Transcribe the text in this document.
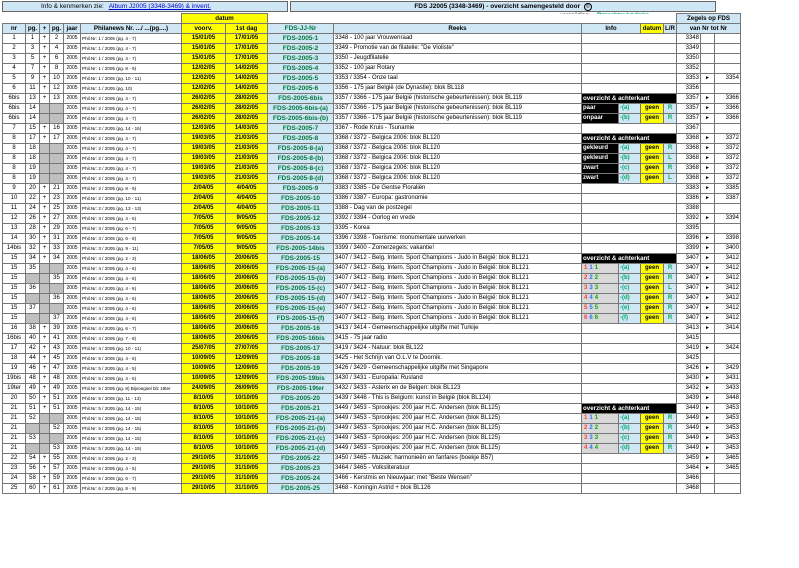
Info & kenmerken zie: Album J2005 (3348-3469) & invent.	FDS J2005 (3348-3469) - overzicht samengesteld door ©
						datum								Zegels op FDS		
nr	pg.	+	pg.	jaar	Philanews Nr. .../ ...(pg....)	voorv.	1st dag	FDS-JJ-Nr	Reeks	Info		datum	L/R	van Nr tot Nr		
1	1	+	2	2005	Phil.Nr: 1 / 2005 (pg. 4 - 7)	15/01/05	17/01/05	FDS-2005-1	3348 - 100 jaar Vrouwenraad					3348		
2	3	+	4	2005	Phil.Nr: 1 / 2005 (pg. 4 - 7)	15/01/05	17/01/05	FDS-2005-2	3349 - Promotie van de filatelie: "De Violiste"					3349		
3	5	+	6	2005	Phil.Nr: 1 / 2005 (pg. 4 - 7)	15/01/05	17/01/05	FDS-2005-3	3350 - Jeugdfilatelie					3350		
4	7	+	8	2005	Phil.Nr: 1 / 2005 (pg. 8 - 9)	12/02/05	14/02/05	FDS-2005-4	3352 - 100 jaar Rotary					3352		
5	9	+	10	2005	Phil.Nr: 1 / 2005 (pg. 10 - 11)	12/02/05	14/02/05	FDS-2005-5	3353 / 3354 - Onze taal					3353	►	3354
6	11	+	12	2005	Phil.Nr: 1 / 2005 (pg. 10)	12/02/05	14/02/05	FDS-2005-6	3356 - 175 jaar België (de Dynastie): blok BL118					3356		
6bis	13	+	13	2005	Phil.Nr: 2 / 2005 (pg. 4 - 7)	26/02/05	28/02/05	FDS-2005-6bis	3357 / 3366 - 175 jaar België (historische gebeurtenissen): blok BL119	overzicht & achterkant				3357	►	3366
6bis	14			2005	Phil.Nr: 2 / 2005 (pg. 4 - 7)	26/02/05	28/02/05	FDS-2005-6bis-(a)	3357 / 3366 - 175 jaar België (historische gebeurtenissen): blok BL119	paar	-(a)	geen	R	3357	►	3366
6bis	14			2005	Phil.Nr: 2 / 2005 (pg. 4 - 7)	26/02/05	28/02/05	FDS-2005-6bis-(b)	3357 / 3366 - 175 jaar België (historische gebeurtenissen): blok BL119	onpaar	-(b)	geen	R	3357	►	3366
7	15	+	16	2005	Phil.Nr: 2 / 2005 (pg. 14 - 16)	12/03/05	14/03/05	FDS-2005-7	3367 - Rode Kruis - Tsunamie					3367		
8	17	+	17	2005	Phil.Nr: 2 / 2005 (pg. 4 - 7)	19/03/05	21/03/05	FDS-2005-8	3368 / 3372 - Belgica 2006: blok BL120	overzicht & achterkant				3368	►	3372
8	18			2005	Phil.Nr: 2 / 2005 (pg. 4 - 7)	19/03/05	21/03/05	FDS-2005-8-(a)	3368 / 3372 - Belgica 2006: blok BL120	gekleurd	-(a)	geen	R	3368	►	3372
8	18			2005	Phil.Nr: 2 / 2005 (pg. 4 - 7)	19/03/05	21/03/05	FDS-2005-8-(b)	3368 / 3372 - Belgica 2006: blok BL120	gekleurd	-(b)	geen	L	3368	►	3372
8	19			2005	Phil.Nr: 2 / 2005 (pg. 4 - 7)	19/03/05	21/03/05	FDS-2005-8-(c)	3368 / 3372 - Belgica 2006: blok BL120	zwart	-(c)	geen	R	3368	►	3372
8	19			2005	Phil.Nr: 2 / 2005 (pg. 4 - 7)	19/03/05	21/03/05	FDS-2005-8-(d)	3368 / 3372 - Belgica 2006: blok BL120	zwart	-(d)	geen	L	3368	►	3372
9	20	+	21	2005	Phil.Nr: 2 / 2005 (pg. 8 - 9)	2/04/05	4/04/05	FDS-2005-9	3383 / 3385 - De Gentse Floraliën					3383	►	3385
10	22	+	23	2005	Phil.Nr: 2 / 2005 (pg. 10 - 11)	2/04/05	4/04/05	FDS-2005-10	3386 / 3387 - Europa: gastronomie					3386	►	3387
11	24	+	25	2005	Phil.Nr: 2 / 2005 (pg. 13 - 13)	2/04/05	4/04/05	FDS-2005-11	3388 - Dag van de postzegel					3388		
12	26	+	27	2005	Phil.Nr: 3 / 2005 (pg. 4 - 5)	7/05/05	9/05/05	FDS-2005-12	3392 / 3394 - Oorlog en vrede					3392	►	3394
13	28	+	29	2005	Phil.Nr: 3 / 2005 (pg. 6 - 7)	7/05/05	9/05/05	FDS-2005-13	3395 - Korea					3395		
14	30	+	31	2005	Phil.Nr: 3 / 2005 (pg. 6 - 8)	7/05/05	9/05/05	FDS-2005-14	3396 / 3398 - Toerisme: monumentale uurwerken					3396	►	3398
14bis	32	+	33	2005	Phil.Nr: 3 / 2005 (pg. 9 - 11)	7/05/05	9/05/05	FDS-2005-14bis	3399 / 3400 - Zomerzegels: vakantie!					3399	►	3400
15	34	+	34	2005	Phil.Nr: 4 / 2005 (pg. 2 - 3)	18/06/05	20/06/05	FDS-2005-15	3407 / 3412 - Belg. Intern. Sport Champions - Judo in België: blok BL121	overzicht & achterkant				3407	►	3412
15	35			2005	Phil.Nr: 4 / 2005 (pg. 4 - 6)	18/06/05	20/06/05	FDS-2005-15-(a)	3407 / 3412 - Belg. Intern. Sport Champions - Judo in België: blok BL121	1 1 1	-(a)	geen	R	3407	►	3412
15			35	2005	Phil.Nr: 4 / 2005 (pg. 4 - 6)	18/06/05	20/06/05	FDS-2005-15-(b)	3407 / 3412 - Belg. Intern. Sport Champions - Judo in België: blok BL121	2 2 2	-(b)	geen	R	3407	►	3412
15	36			2005	Phil.Nr: 4 / 2005 (pg. 4 - 6)	18/06/05	20/06/05	FDS-2005-15-(c)	3407 / 3412 - Belg. Intern. Sport Champions - Judo in België: blok BL121	3 3 3	-(c)	geen	L	3407	►	3412
15			36	2005	Phil.Nr: 4 / 2005 (pg. 4 - 6)	18/06/05	20/06/05	FDS-2005-15-(d)	3407 / 3412 - Belg. Intern. Sport Champions - Judo in België: blok BL121	4 4 4	-(d)	geen	R	3407	►	3412
15	37			2005	Phil.Nr: 4 / 2005 (pg. 4 - 6)	18/06/05	20/06/05	FDS-2005-15-(e)	3407 / 3412 - Belg. Intern. Sport Champions - Judo in België: blok BL121	5 5 5	-(e)	geen	R	3407	►	3412
15			37	2005	Phil.Nr: 4 / 2005 (pg. 4 - 6)	18/06/05	20/06/05	FDS-2005-15-(f)	3407 / 3412 - Belg. Intern. Sport Champions - Judo in België: blok BL121	6 6 6	-(f)	geen	R	3407	►	3412
16	38	+	39	2005	Phil.Nr: 4 / 2005 (pg. 6 - 7)	18/06/05	20/06/05	FDS-2005-16	3413 / 3414 - Gemeenschappelijke uitgifte met Turkije					3413	►	3414
16bis	40	+	41	2005	Phil.Nr: 4 / 2005 (pg. 7 - 8)	18/06/05	20/06/05	FDS-2005-16bis	3415 - 75 jaar radio					3415		
17	42	+	43	2005	Phil.Nr: 4 / 2005 (pg. 10 - 11)	25/07/05	27/07/05	FDS-2005-17	3419 / 3424 - Natuur: blok BL122					3419	►	3424
18	44	+	45	2005	Phil.Nr: 5 / 2005 (pg. 4 - 5)	10/09/05	12/09/05	FDS-2005-18	3425 - Het Schrijn van O.L.V te Doornik.					3425		
19	46	+	47	2005	Phil.Nr: 5 / 2005 (pg. 4 - 5)	10/09/05	12/09/05	FDS-2005-19	3426 / 3429 - Gemeenschappelijke uitgifte met Singapore					3426	►	3429
19bis	48	+	48	2005	Phil.Nr: 5 / 2005 (pg. 4 - 5)	10/09/05	12/09/05	FDS-2005-19bis	3430 / 3431 - Europalia: Rusland					3430	►	3431
19ter	49	+	49	2005	Phil.Nr: 5 / 2005 (pg. 8) Bijvoegsel blz 19ter	24/09/05	26/09/05	FDS-2005-19ter	3432 / 3433 - Asterix en de Belgen: blok BL123					3432	►	3433
20	50	+	51	2005	Phil.Nr: 5 / 2005 (pg. 11 - 13)	8/10/05	10/10/05	FDS-2005-20	3439 / 3448 - This is Belgium: kunst in België (blok BL124)					3439	►	3448
21	51	+	51	2005	Phil.Nr: 5 / 2005 (pg. 14 - 15)	8/10/05	10/10/05	FDS-2005-21	3449 / 3453 - Sprookjes: 200 jaar H.C. Andersen (blok BL125)	overzicht & achterkant				3449	►	3453
21	52			2005	Phil.Nr: 5 / 2005 (pg. 14 - 15)	8/10/05	10/10/05	FDS-2005-21-(a)	3449 / 3453 - Sprookjes: 200 jaar H.C. Andersen (blok BL125)	1 1 1	-(a)	geen	R	3449	►	3453
21			52	2005	Phil.Nr: 5 / 2005 (pg. 14 - 15)	8/10/05	10/10/05	FDS-2005-21-(b)	3449 / 3453 - Sprookjes: 200 jaar H.C. Andersen (blok BL125)	2 2 2	-(b)	geen	R	3449	►	3453
21	53			2005	Phil.Nr: 5 / 2005 (pg. 14 - 15)	8/10/05	10/10/05	FDS-2005-21-(c)	3449 / 3453 - Sprookjes: 200 jaar H.C. Andersen (blok BL125)	3 3 3	-(c)	geen	R	3449	►	3453
21			53	2005	Phil.Nr: 5 / 2005 (pg. 14 - 15)	8/10/05	10/10/05	FDS-2005-21-(d)	3449 / 3453 - Sprookjes: 200 jaar H.C. Andersen (blok BL125)	4 4 4	-(d)	geen	R	3449	►	3453
22	54	+	55	2005	Phil.Nr: 6 / 2005 (pg. 2 - 3)	29/10/05	31/10/05	FDS-2005-22	3450 / 3465 - Muziek: harmonieën en fanfares (boekje B57)					3459	►	3465
23	56	+	57	2005	Phil.Nr: 6 / 2005 (pg. 4 - 5)	29/10/05	31/10/05	FDS-2005-23	3464 / 3465 - Volksliteratuur					3464	►	3465
24	58	+	59	2005	Phil.Nr: 6 / 2005 (pg. 6 - 7)	29/10/05	31/10/05	FDS-2005-24	3466 - Kerstmis en Nieuwjaar: met "Beste Wensen"					3466		
25	60	+	61	2005	Phil.Nr: 6 / 2005 (pg. 8 - 9)	29/10/05	31/10/05	FDS-2005-25	3468 - Koningin Astrid + blok BL126					3468		
